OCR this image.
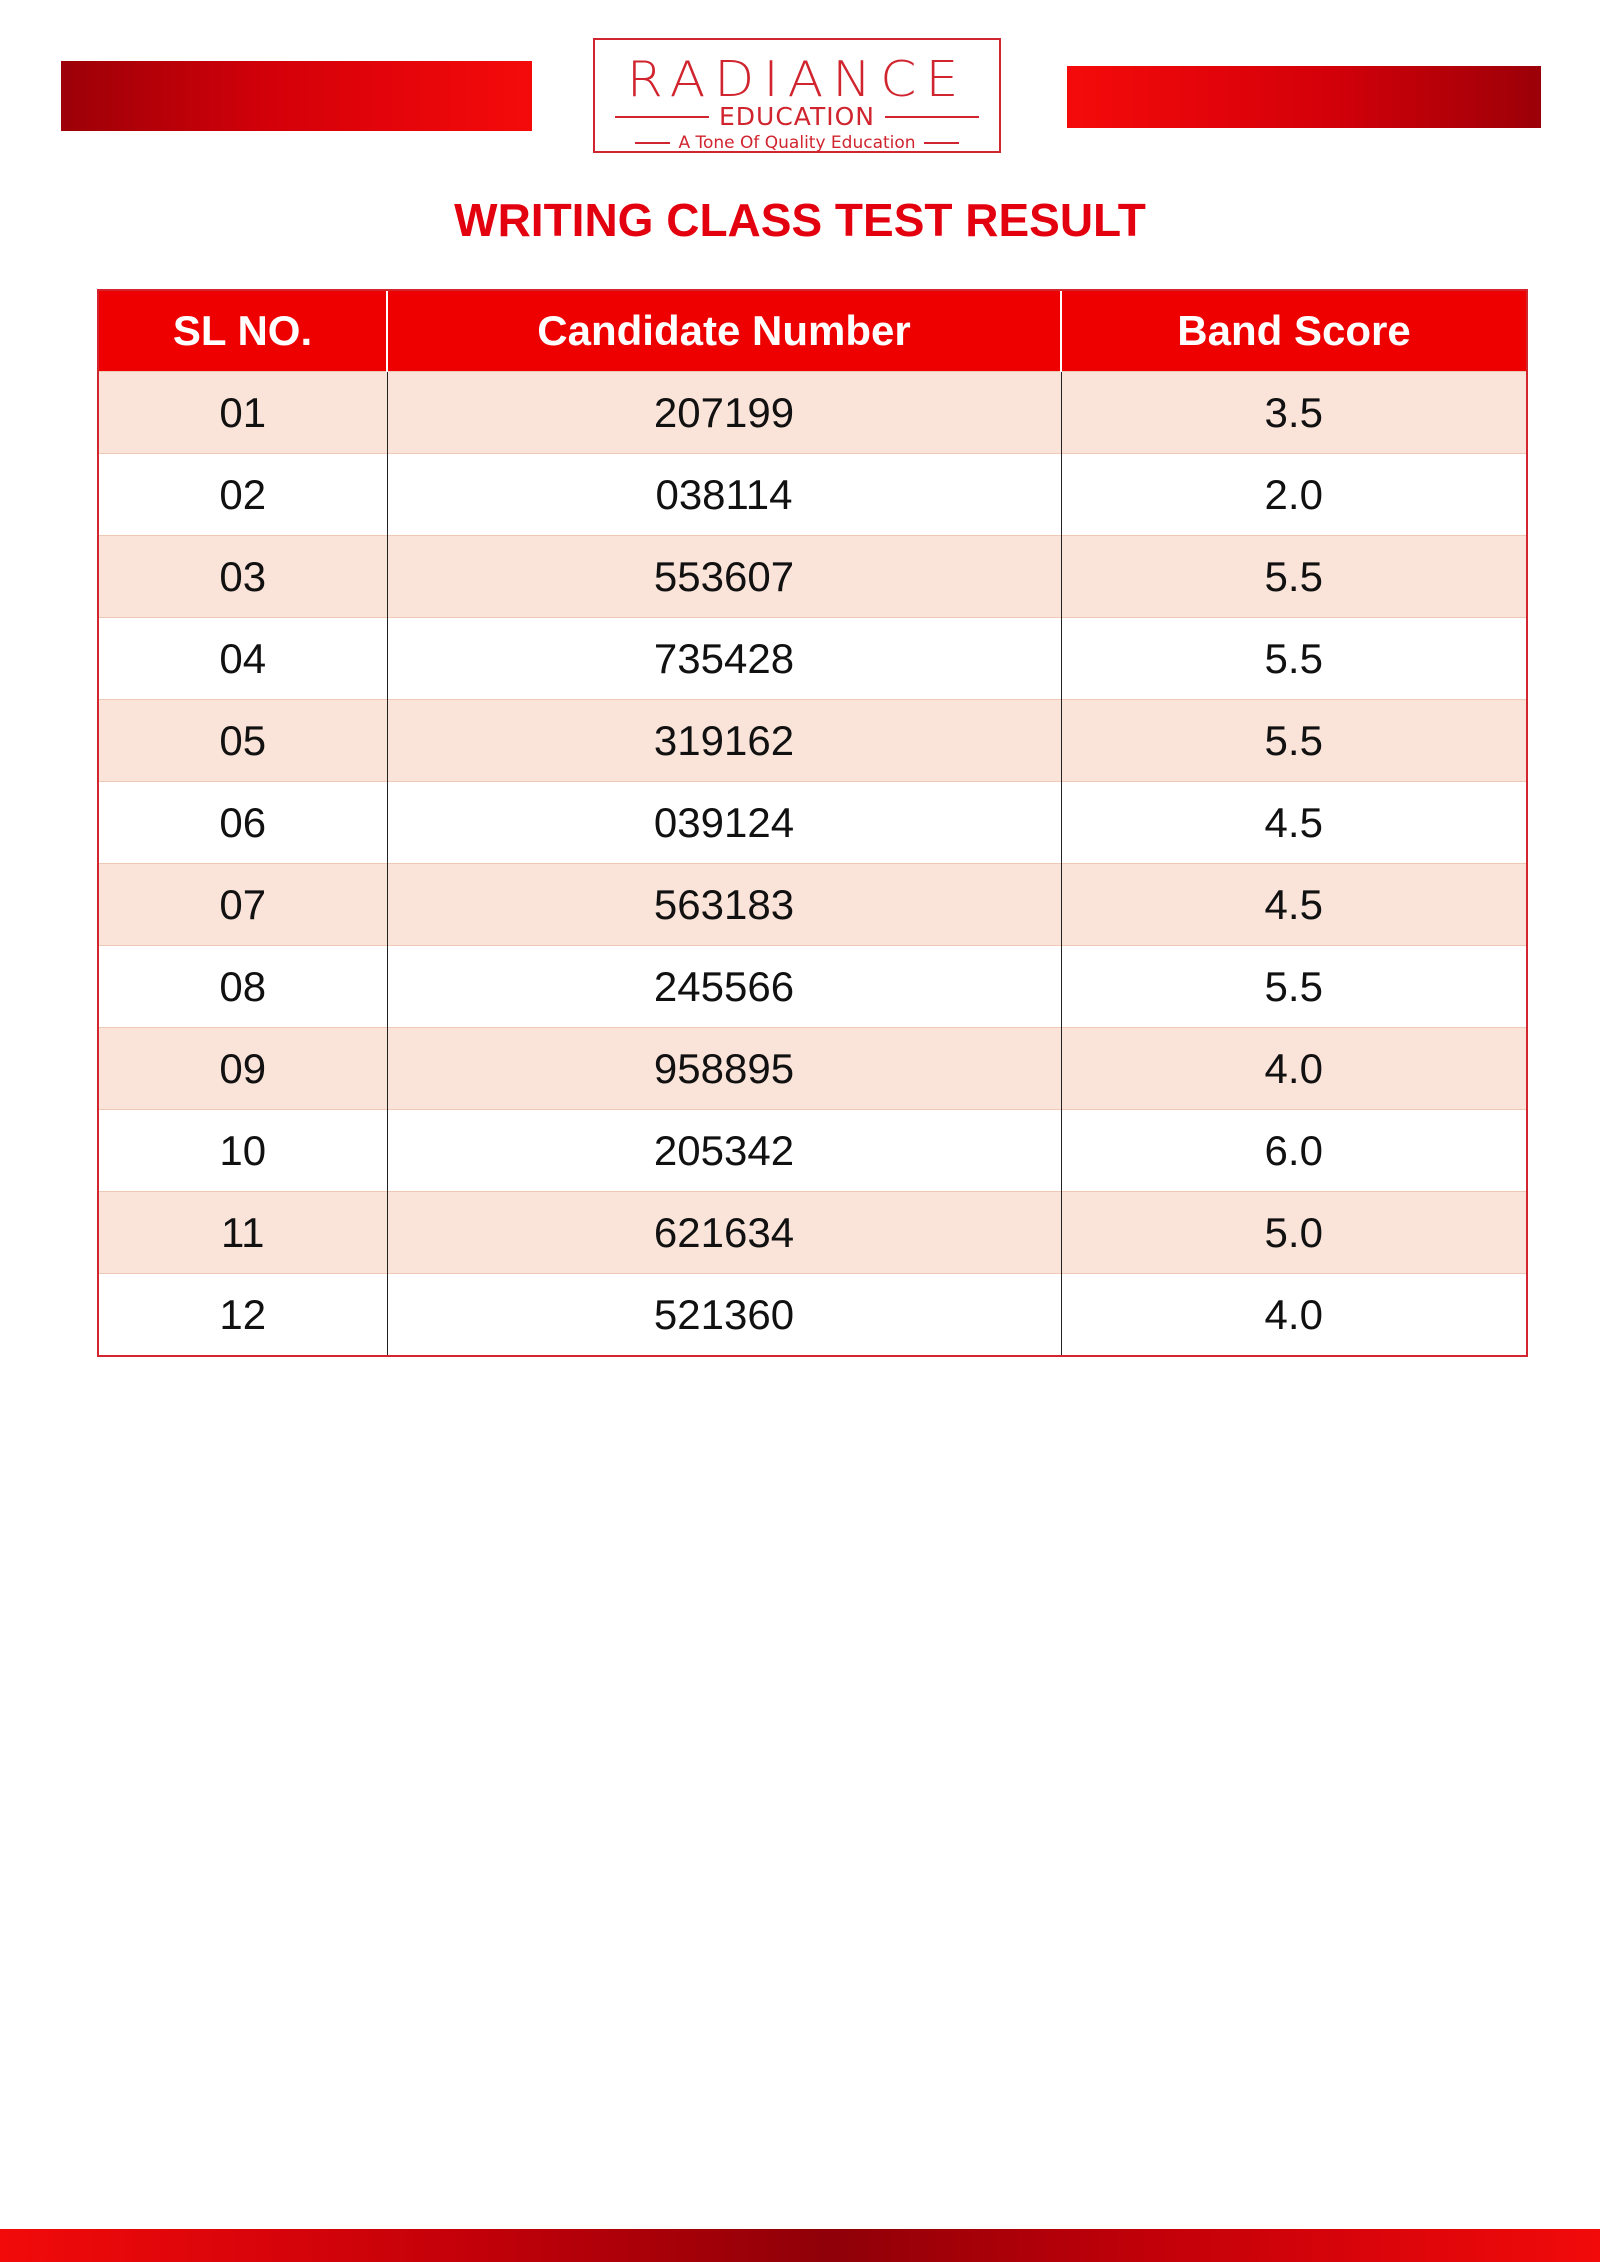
RADIANCE
EDUCATION
A Tone Of Quality Education
WRITING CLASS TEST RESULT
SL NO.	Candidate Number	Band Score
01	207199	3.5
02	038114	2.0
03	553607	5.5
04	735428	5.5
05	319162	5.5
06	039124	4.5
07	563183	4.5
08	245566	5.5
09	958895	4.0
10	205342	6.0
11	621634	5.0
12	521360	4.0
